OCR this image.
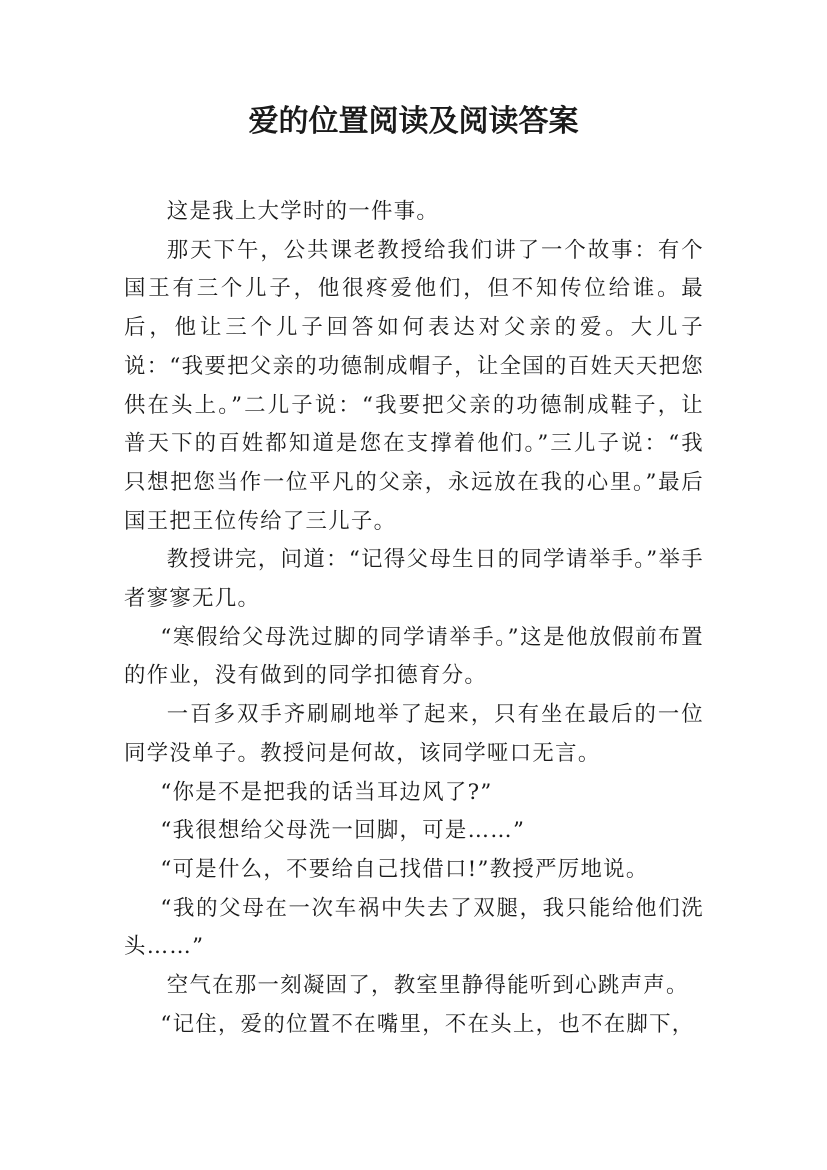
爱的位置阅读及阅读答案

这是我上大学时的一件事。

那天下午，公共课老教授给我们讲了一个故事：有个国王有三个儿子，他很疼爱他们，但不知传位给谁。最后，他让三个儿子回答如何表达对父亲的爱。大儿子说：“我要把父亲的功德制成帽子，让全国的百姓天天把您供在头上。”二儿子说：“我要把父亲的功德制成鞋子，让普天下的百姓都知道是您在支撑着他们。”三儿子说：“我只想把您当作一位平凡的父亲，永远放在我的心里。”最后国王把王位传给了三儿子。

教授讲完，问道：“记得父母生日的同学请举手。”举手者寥寥无几。

“寒假给父母洗过脚的同学请举手。”这是他放假前布置的作业，没有做到的同学扣德育分。

一百多双手齐刷刷地举了起来，只有坐在最后的一位同学没单子。教授问是何故，该同学哑口无言。

“你是不是把我的话当耳边风了?”

“我很想给父母洗一回脚，可是……”

“可是什么，不要给自己找借口!”教授严厉地说。

“我的父母在一次车祸中失去了双腿，我只能给他们洗头……”

空气在那一刻凝固了，教室里静得能听到心跳声声。

“记住，爱的位置不在嘴里，不在头上，也不在脚下，
